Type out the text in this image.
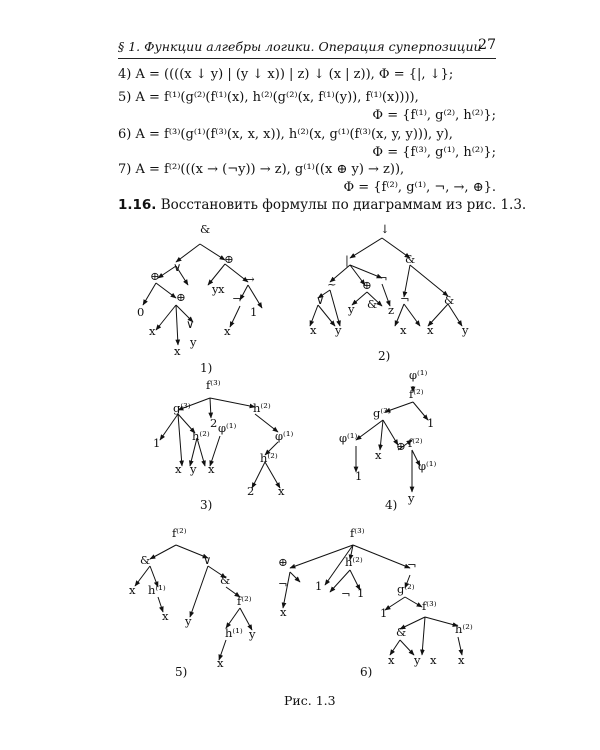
§ 1. Функции алгебры логики. Операция суперпозиции
27
4) A = ((((x ↓ y) | (y ↓ x)) | z) ↓ (x | z)), Φ = {|, ↓};
5) A = f⁽¹⁾(g⁽²⁾(f⁽¹⁾(x), h⁽²⁾(g⁽²⁾(x, f⁽¹⁾(y)), f⁽¹⁾(x)))),
Φ = {f⁽¹⁾, g⁽²⁾, h⁽²⁾};
6) A = f⁽³⁾(g⁽¹⁾(f⁽³⁾(x, x, x)), h⁽²⁾(x, g⁽¹⁾(f⁽³⁾(x, y, y))), y),
Φ = {f⁽³⁾, g⁽¹⁾, h⁽²⁾};
7) A = f⁽²⁾(((x → (¬y)) → z), g⁽¹⁾((x ⊕ y) → z)),
Φ = {f⁽²⁾, g⁽¹⁾, ¬, →, ⊕}.
1.16. Восстановить формулы по диаграммам из рис. 1.3.
&
∨
⊕
⊕
x
y
→
0
⊕	¬
1
x	∨
x
y
x
1)
↓
|	&
~ ⊕ ¬
¬	&
∨
x y
y & z
x
x	y
2)
f⁽³⁾
g⁽³⁾
2
h⁽²⁾
1	h⁽²⁾
φ⁽¹⁾
φ⁽¹⁾
x y x
h⁽²⁾
2 x
3)
φ⁽¹⁾
f⁽²⁾
g⁽³⁾
1
φ⁽¹⁾
x
⊕ f⁽²⁾
1
φ⁽¹⁾
y
4)
f⁽²⁾
&	∨
x h⁽¹⁾
x
&
y
f⁽²⁾
h⁽¹⁾ y
x
5)
f⁽³⁾
⊕	h⁽²⁾	¬
¬ 1
¬ 1	g⁽²⁾
x	1	f⁽³⁾
&	h⁽²⁾
x y x x
6)
Рис. 1.3
